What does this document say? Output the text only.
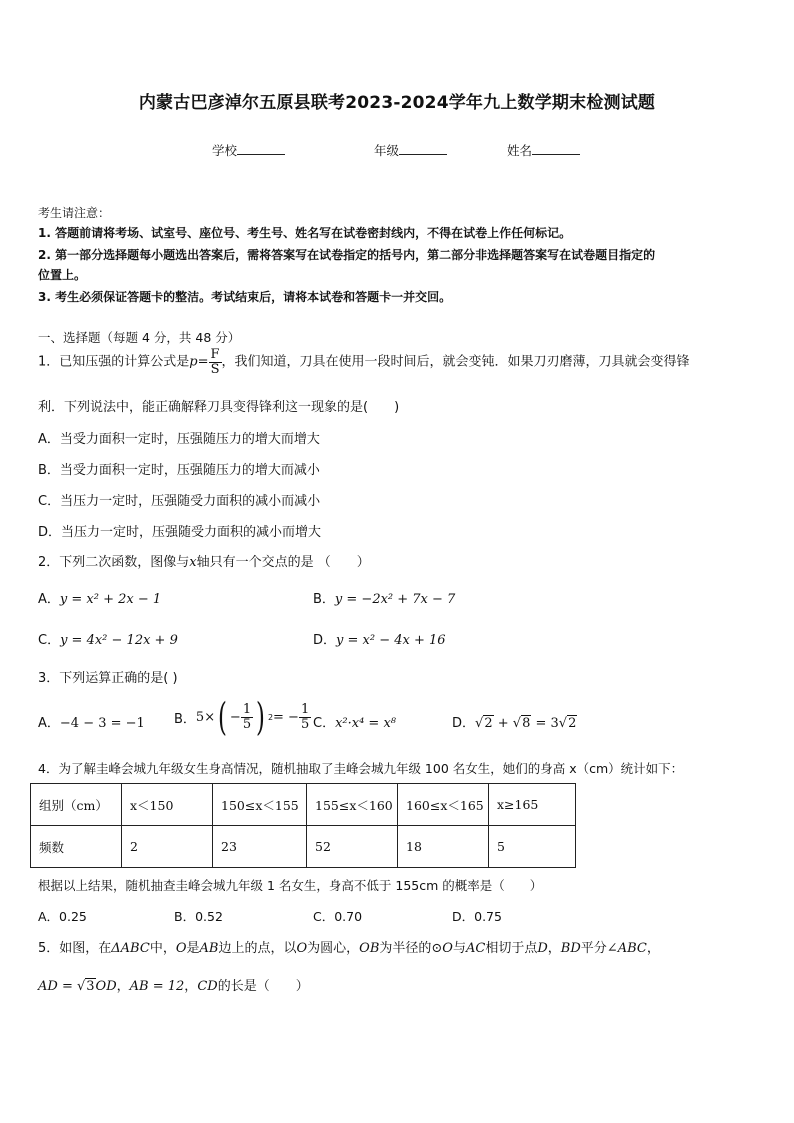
内蒙古巴彦淖尔五原县联考2023-2024学年九上数学期末检测试题
学校	年级	姓名
考生请注意：
1. 答题前请将考场、试室号、座位号、考生号、姓名写在试卷密封线内，不得在试卷上作任何标记。
2. 第一部分选择题每小题选出答案后，需将答案写在试卷指定的括号内，第二部分非选择题答案写在试卷题目指定的
位置上。
3. 考生必须保证答题卡的整洁。考试结束后，请将本试卷和答题卡一并交回。
一、选择题（每题 4 分，共 48 分）
1．已知压强的计算公式是$p= \frac{F}{S}$ ，我们知道，刀具在使用一段时间后，就会变钝．如果刀刃磨薄，刀具就会变得锋
利．下列说法中，能正确解释刀具变得锋利这一现象的是(　　)
A．当受力面积一定时，压强随压力的增大而增大
B．当受力面积一定时，压强随压力的增大而减小
C．当压力一定时，压强随受力面积的减小而减小
D．当压力一定时，压强随受力面积的减小而增大
2．下列二次函数，图像与x轴只有一个交点的是 （　　）
A．y = x² + 2x − 1	B．y = −2x² + 7x − 7
C．y = 4x² − 12x + 9	D．y = x² − 4x + 16
3．下列运算正确的是( )
A．−4 − 3 = −1 B． 5× ( − $\frac{1}{5}$ ) 2 = − $\frac{1}{5}$ C．x²·x⁴ = x⁸	D．√2 + √8 = 3√2
4．为了解圭峰会城九年级女生身高情况，随机抽取了圭峰会城九年级 100 名女生，她们的身高 x（cm）统计如下：
组别（cm）	x＜150	150≤x＜155	155≤x＜160	160≤x＜165	x≥165
频数	2	23	52	18	5
根据以上结果，随机抽查圭峰会城九年级 1 名女生，身高不低于 155cm 的概率是（　　）
A．0.25	B．0.52	C．0.70	D．0.75
5．如图，在ΔABC中，O是AB边上的点，以O为圆心，OB为半径的⊙O与AC相切于点D，BD平分∠ABC，
AD = √3OD，AB = 12，CD的长是（　　）
